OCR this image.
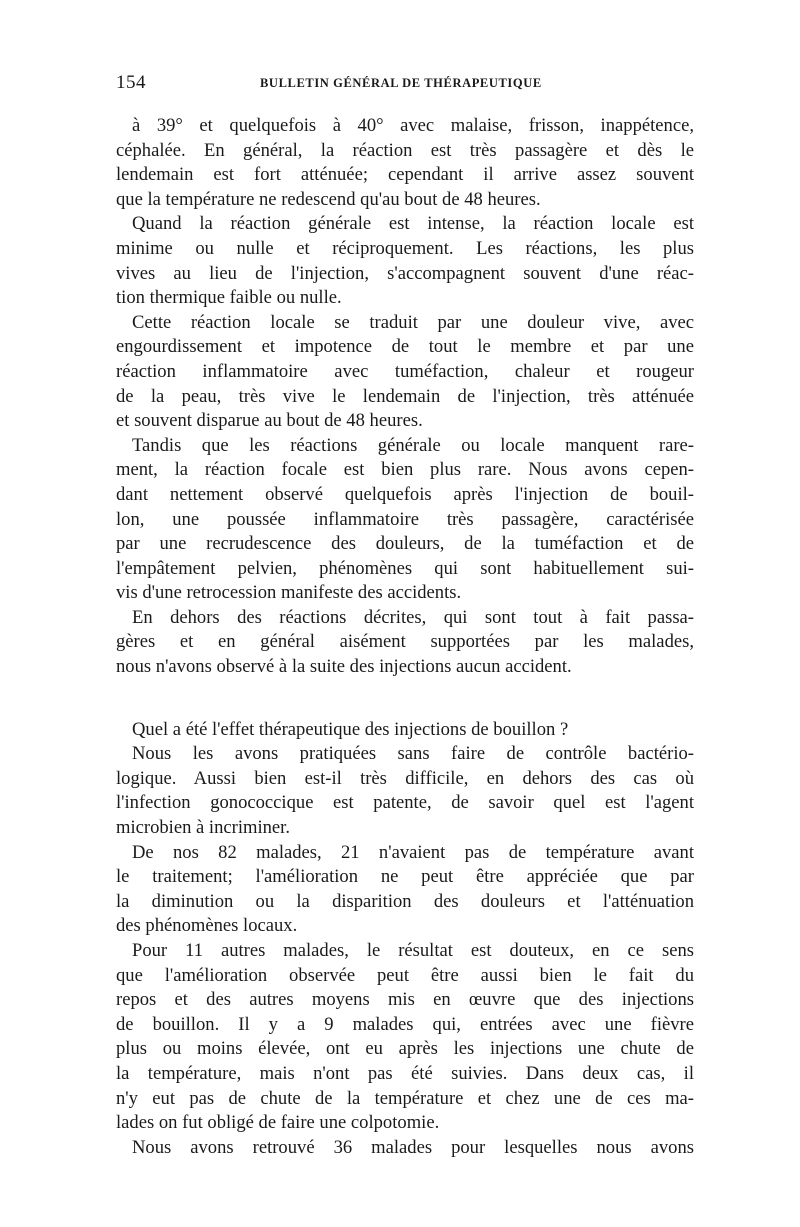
154	BULLETIN GÉNÉRAL DE THÉRAPEUTIQUE
à 39° et quelquefois à 40° avec malaise, frisson, inappétence,
céphalée. En général, la réaction est très passagère et dès le
lendemain est fort atténuée; cependant il arrive assez souvent
que la température ne redescend qu'au bout de 48 heures.
Quand la réaction générale est intense, la réaction locale est
minime ou nulle et réciproquement. Les réactions, les plus
vives au lieu de l'injection, s'accompagnent souvent d'une réac-
tion thermique faible ou nulle.
Cette réaction locale se traduit par une douleur vive, avec
engourdissement et impotence de tout le membre et par une
réaction inflammatoire avec tuméfaction, chaleur et rougeur
de la peau, très vive le lendemain de l'injection, très atténuée
et souvent disparue au bout de 48 heures.
Tandis que les réactions générale ou locale manquent rare-
ment, la réaction focale est bien plus rare. Nous avons cepen-
dant nettement observé quelquefois après l'injection de bouil-
lon, une poussée inflammatoire très passagère, caractérisée
par une recrudescence des douleurs, de la tuméfaction et de
l'empâtement pelvien, phénomènes qui sont habituellement sui-
vis d'une retrocession manifeste des accidents.
En dehors des réactions décrites, qui sont tout à fait passa-
gères et en général aisément supportées par les malades,
nous n'avons observé à la suite des injections aucun accident.
Quel a été l'effet thérapeutique des injections de bouillon ?
Nous les avons pratiquées sans faire de contrôle bactério-
logique. Aussi bien est-il très difficile, en dehors des cas où
l'infection gonococcique est patente, de savoir quel est l'agent
microbien à incriminer.
De nos 82 malades, 21 n'avaient pas de température avant
le traitement; l'amélioration ne peut être appréciée que par
la diminution ou la disparition des douleurs et l'atténuation
des phénomènes locaux.
Pour 11 autres malades, le résultat est douteux, en ce sens
que l'amélioration observée peut être aussi bien le fait du
repos et des autres moyens mis en œuvre que des injections
de bouillon. Il y a 9 malades qui, entrées avec une fièvre
plus ou moins élevée, ont eu après les injections une chute de
la température, mais n'ont pas été suivies. Dans deux cas, il
n'y eut pas de chute de la température et chez une de ces ma-
lades on fut obligé de faire une colpotomie.
Nous avons retrouvé 36 malades pour lesquelles nous avons
